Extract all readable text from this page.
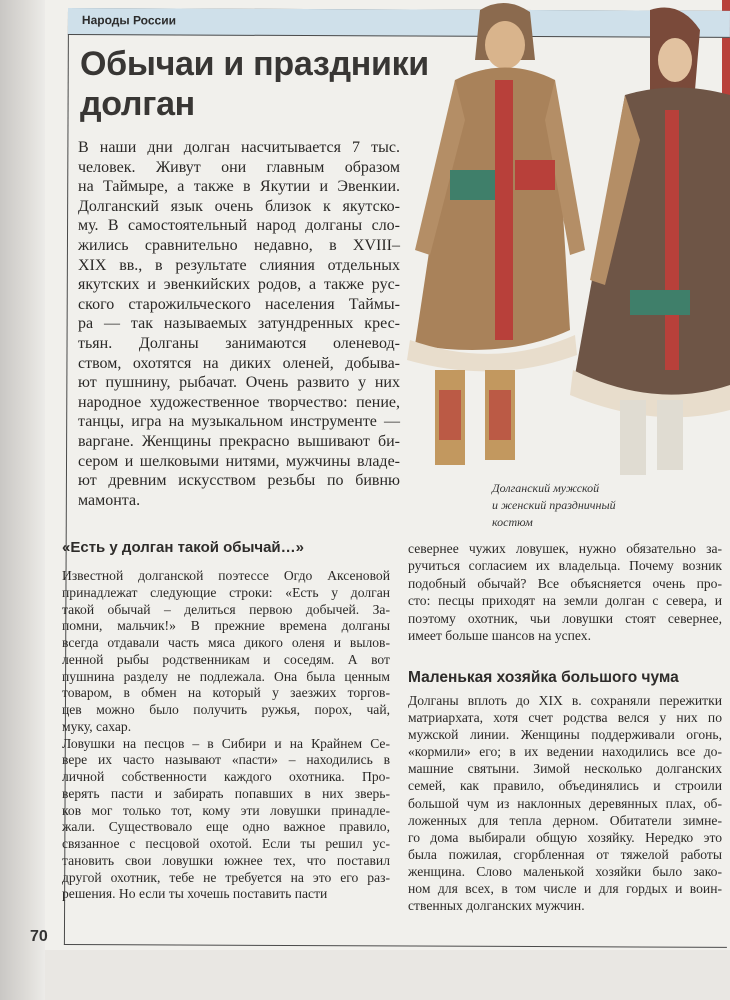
Народы России
Обычаи и праздники
долган
Долганский мужской
и женский праздничный
костюм
В наши дни долган насчитывается 7 тыс.
человек. Живут они главным образом
на Таймыре, а также в Якутии и Эвенкии.
Долганский язык очень близок к якутско-
му. В самостоятельный народ долганы сло-
жились сравнительно недавно, в XVIII–
XIX вв., в результате слияния отдельных
якутских и эвенкийских родов, а также рус-
ского старожильческого населения Таймы-
ра — так называемых затундренных крес-
тьян. Долганы занимаются оленевод-
ством, охотятся на диких оленей, добыва-
ют пушнину, рыбачат. Очень развито у них
народное художественное творчество: пение,
танцы, игра на музыкальном инструменте —
варгане. Женщины прекрасно вышивают би-
сером и шелковыми нитями, мужчины владе-
ют древним искусством резьбы по бивню
мамонта.
«Есть у долган такой обычай…»
Известной долганской поэтессе Огдо Аксеновой
принадлежат следующие строки: «Есть у долган
такой обычай – делиться первою добычей. За-
помни, мальчик!» В прежние времена долганы
всегда отдавали часть мяса дикого оленя и вылов-
ленной рыбы родственникам и соседям. А вот
пушнина разделу не подлежала. Она была ценным
товаром, в обмен на который у заезжих торгов-
цев можно было получить ружья, порох, чай,
муку, сахар.
Ловушки на песцов – в Сибири и на Крайнем Се-
вере их часто называют «пасти» – находились в
личной собственности каждого охотника. Про-
верять пасти и забирать попавших в них зверь-
ков мог только тот, кому эти ловушки принадле-
жали. Существовало еще одно важное правило,
связанное с песцовой охотой. Если ты решил ус-
тановить свои ловушки южнее тех, что поставил
другой охотник, тебе не требуется на это его раз-
решения. Но если ты хочешь поставить пасти
севернее чужих ловушек, нужно обязательно за-
ручиться согласием их владельца. Почему возник
подобный обычай? Все объясняется очень про-
сто: песцы приходят на земли долган с севера, и
поэтому охотник, чьи ловушки стоят севернее,
имеет больше шансов на успех.
Маленькая хозяйка большого чума
Долганы вплоть до XIX в. сохраняли пережитки
матриархата, хотя счет родства велся у них по
мужской линии. Женщины поддерживали огонь,
«кормили» его; в их ведении находились все до-
машние святыни. Зимой несколько долганских
семей, как правило, объединялись и строили
большой чум из наклонных деревянных плах, об-
ложенных для тепла дерном. Обитатели зимне-
го дома выбирали общую хозяйку. Нередко это
была пожилая, сгорбленная от тяжелой работы
женщина. Слово маленькой хозяйки было зако-
ном для всех, в том числе и для гордых и воин-
ственных долганских мужчин.
70
